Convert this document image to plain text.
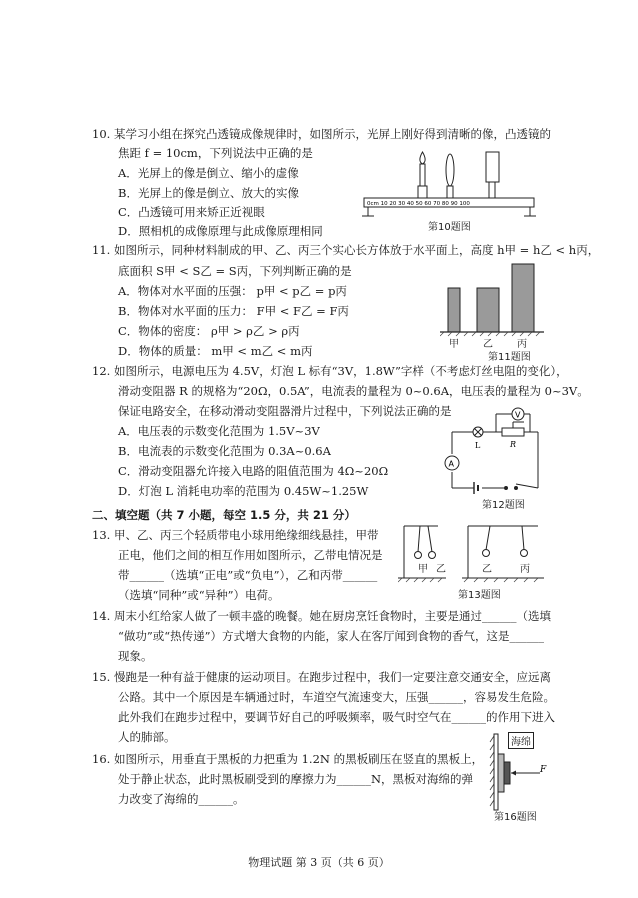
10. 某学习小组在探究凸透镜成像规律时，如图所示，光屏上刚好得到清晰的像，凸透镜的
焦距 f = 10cm，下列说法中正确的是
A．光屏上的像是倒立、缩小的虚像
B．光屏上的像是倒立、放大的实像
C．凸透镜可用来矫正近视眼
D．照相机的成像原理与此成像原理相同
0cm 10 20 30 40 50 60 70 80 90 100
第10题图
11. 如图所示，同种材料制成的甲、乙、丙三个实心长方体放于水平面上，高度 h甲 = h乙 < h丙，
底面积 S甲 < S乙 = S丙，下列判断正确的是
A．物体对水平面的压强： p甲 < p乙 = p丙
B．物体对水平面的压力： F甲 < F乙 = F丙
C．物体的密度： ρ甲 > ρ乙 > ρ丙
D．物体的质量： m甲 < m乙 < m丙	甲 乙 丙
第11题图
12. 如图所示，电源电压为 4.5V，灯泡 L 标有“3V，1.8W”字样（不考虑灯丝电阻的变化），
滑动变阻器 R 的规格为“20Ω，0.5A”，电流表的量程为 0~0.6A，电压表的量程为 0~3V。
保证电路安全，在移动滑动变阻器滑片过程中，下列说法正确的是
A．电压表的示数变化范围为 1.5V~3V
B．电流表的示数变化范围为 0.3A~0.6A
C．滑动变阻器允许接入电路的阻值范围为 4Ω~20Ω
D．灯泡 L 消耗电功率的范围为 0.45W~1.25W
V
A
L	R
第12题图
二、填空题（共 7 小题，每空 1.5 分，共 21 分）
13. 甲、乙、丙三个轻质带电小球用绝缘细线悬挂，甲带
正电，他们之间的相互作用如图所示，乙带电情况是
带______（选填“正电”或“负电”），乙和丙带______
（选填“同种”或“异种”）电荷。
甲 乙	乙	丙
第13题图
14. 周末小红给家人做了一顿丰盛的晚餐。她在厨房烹饪食物时，主要是通过______（选填
“做功”或“热传递”）方式增大食物的内能，家人在客厅闻到食物的香气，这是______
现象。
15. 慢跑是一种有益于健康的运动项目。在跑步过程中，我们一定要注意交通安全，应远离
公路。其中一个原因是车辆通过时，车道空气流速变大，压强______，容易发生危险。
此外我们在跑步过程中，要调节好自己的呼吸频率，吸气时空气在______的作用下进入
人的肺部。
16. 如图所示，用垂直于黑板的力把重为 1.2N 的黑板刷压在竖直的黑板上，
处于静止状态，此时黑板刷受到的摩擦力为______N，黑板对海绵的弹
力改变了海绵的______。
F
海绵
第16题图
物理试题 第 3 页（共 6 页）
